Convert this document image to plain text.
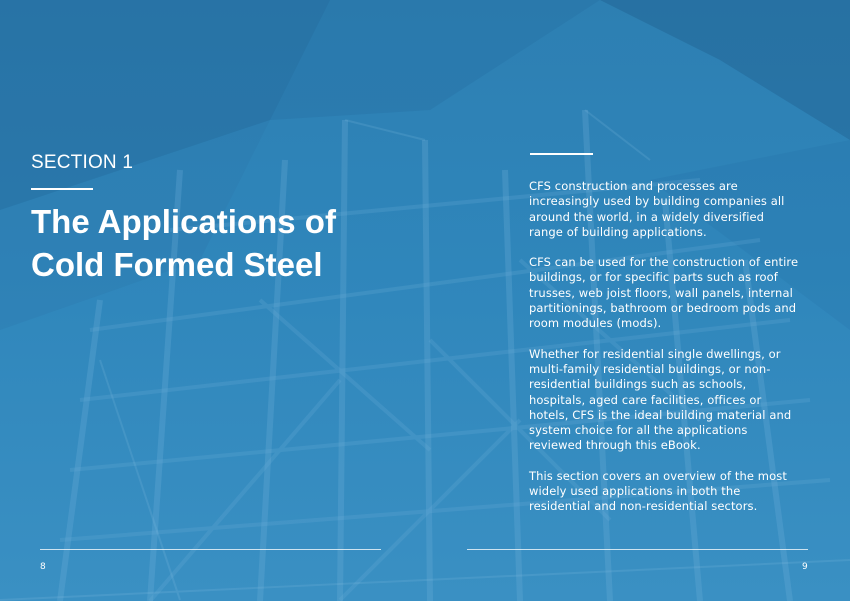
SECTION 1
The Applications of Cold Formed Steel

CFS construction and processes are increasingly used by building companies all around the world, in a widely diversified range of building applications.

CFS can be used for the construction of entire buildings, or for specific parts such as roof trusses, web joist floors, wall panels, internal partitionings, bathroom or bedroom pods and room modules (mods).

Whether for residential single dwellings, or multi-family residential buildings, or non-residential buildings such as schools, hospitals, aged care facilities, offices or hotels, CFS is the ideal building material and system choice for all the applications reviewed through this eBook.

This section covers an overview of the most widely used applications in both the residential and non-residential sectors.

8	9
